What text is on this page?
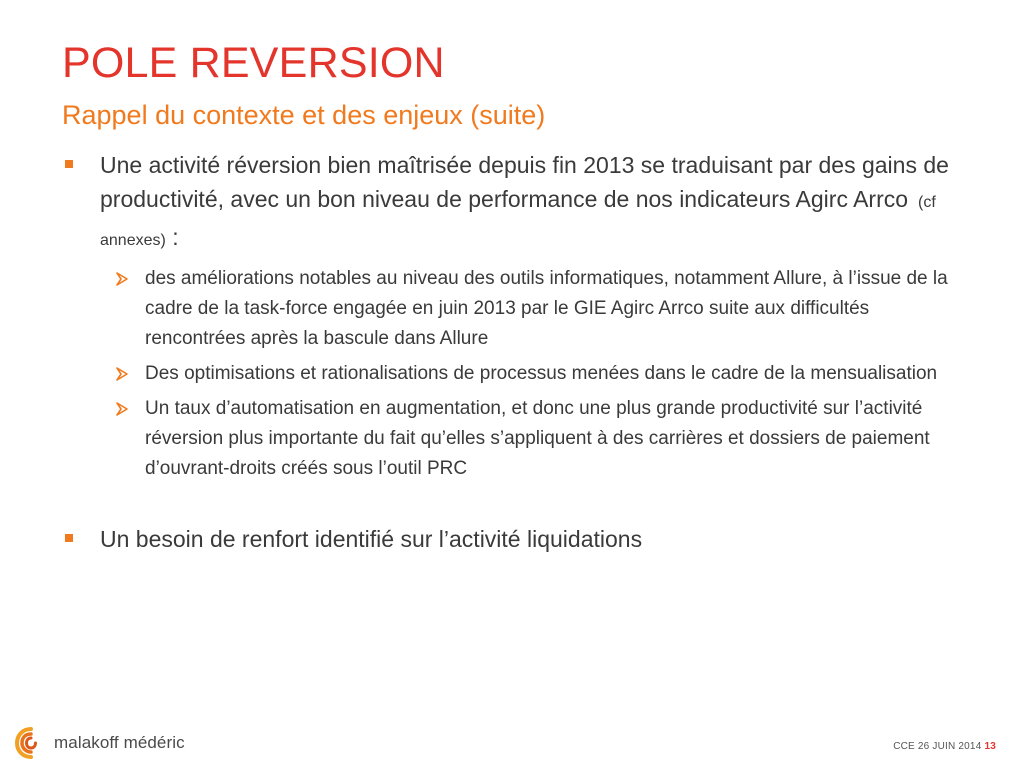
POLE REVERSION
Rappel du contexte et des enjeux (suite)
Une activité réversion bien maîtrisée depuis fin 2013 se traduisant par des gains de productivité, avec un bon niveau de performance de nos indicateurs Agirc Arrco (cf annexes) :
des améliorations notables au niveau des outils informatiques, notamment Allure, à l’issue de la cadre de la task-force engagée en juin 2013 par le GIE Agirc Arrco suite aux difficultés rencontrées après la bascule dans Allure
Des optimisations et rationalisations de processus menées dans le cadre de la mensualisation
Un taux d’automatisation en augmentation, et donc une plus grande productivité sur l’activité réversion plus importante du fait qu’elles s’appliquent à des carrières et dossiers de paiement d’ouvrant-droits créés sous l’outil PRC
Un besoin de renfort identifié sur l’activité liquidations
malakoff médéric	CCE 26 JUIN 2014 13
